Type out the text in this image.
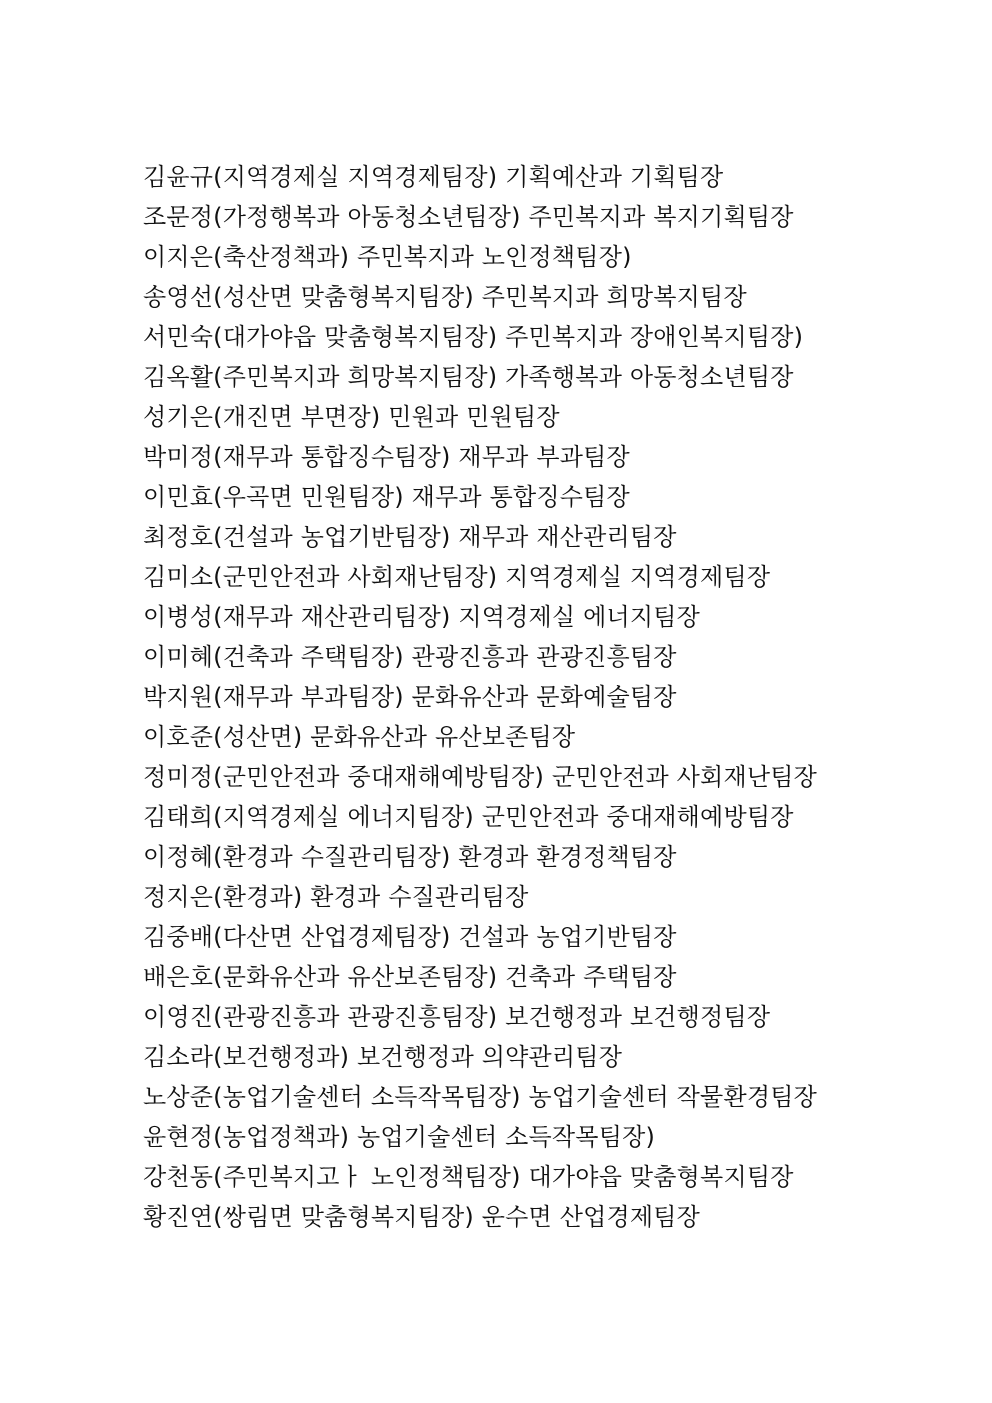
김윤규(지역경제실 지역경제팀장) 기획예산과 기획팀장
조문정(가정행복과 아동청소년팀장) 주민복지과 복지기획팀장
이지은(축산정책과) 주민복지과 노인정책팀장)
송영선(성산면 맞춤형복지팀장) 주민복지과 희망복지팀장
서민숙(대가야읍 맞춤형복지팀장) 주민복지과 장애인복지팀장)
김옥활(주민복지과 희망복지팀장) 가족행복과 아동청소년팀장
성기은(개진면 부면장) 민원과 민원팀장
박미정(재무과 통합징수팀장) 재무과 부과팀장
이민효(우곡면 민원팀장) 재무과 통합징수팀장
최정호(건설과 농업기반팀장) 재무과 재산관리팀장
김미소(군민안전과 사회재난팀장) 지역경제실 지역경제팀장
이병성(재무과 재산관리팀장) 지역경제실 에너지팀장
이미혜(건축과 주택팀장) 관광진흥과 관광진흥팀장
박지원(재무과 부과팀장) 문화유산과 문화예술팀장
이호준(성산면) 문화유산과 유산보존팀장
정미정(군민안전과 중대재해예방팀장) 군민안전과 사회재난팀장
김태희(지역경제실 에너지팀장) 군민안전과 중대재해예방팀장
이정혜(환경과 수질관리팀장) 환경과 환경정책팀장
정지은(환경과) 환경과 수질관리팀장
김중배(다산면 산업경제팀장) 건설과 농업기반팀장
배은호(문화유산과 유산보존팀장) 건축과 주택팀장
이영진(관광진흥과 관광진흥팀장) 보건행정과 보건행정팀장
김소라(보건행정과) 보건행정과 의약관리팀장
노상준(농업기술센터 소득작목팀장) 농업기술센터 작물환경팀장
윤현정(농업정책과) 농업기술센터 소득작목팀장)
강천동(주민복지고ㅏ 노인정책팀장) 대가야읍 맞춤형복지팀장
황진연(쌍림면 맞춤형복지팀장) 운수면 산업경제팀장
